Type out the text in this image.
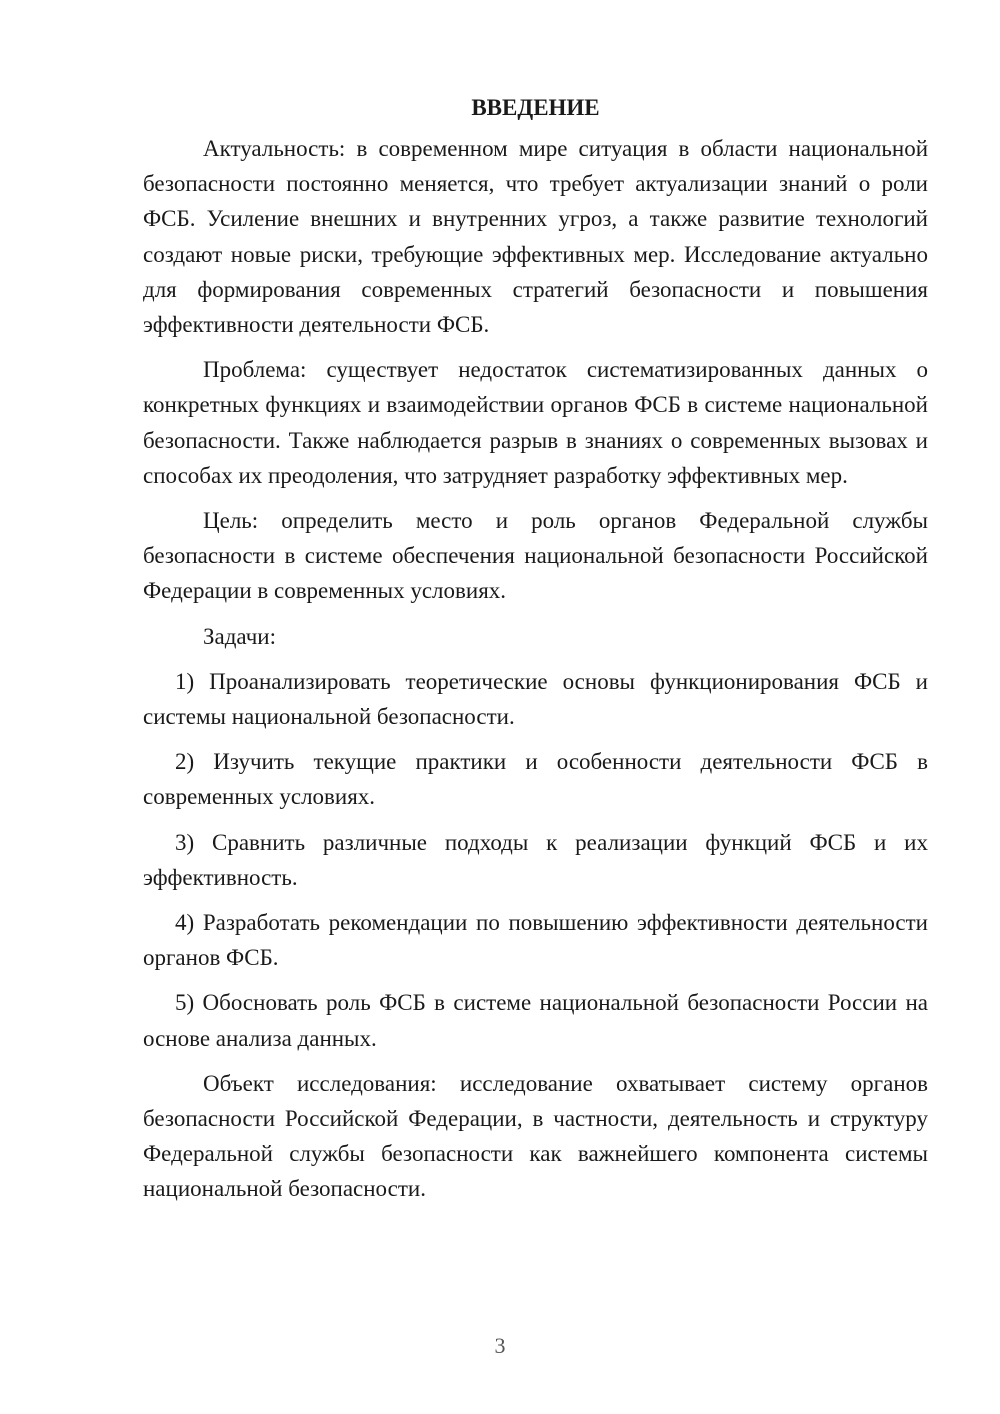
ВВЕДЕНИЕ

Актуальность: в современном мире ситуация в области национальной безопасности постоянно меняется, что требует актуализации знаний о роли ФСБ. Усиление внешних и внутренних угроз, а также развитие технологий создают новые риски, требующие эффективных мер. Исследование актуально для формирования современных стратегий безопасности и повышения эффективности деятельности ФСБ.

Проблема: существует недостаток систематизированных данных о конкретных функциях и взаимодействии органов ФСБ в системе национальной безопасности. Также наблюдается разрыв в знаниях о современных вызовах и способах их преодоления, что затрудняет разработку эффективных мер.

Цель: определить место и роль органов Федеральной службы безопасности в системе обеспечения национальной безопасности Российской Федерации в современных условиях.

Задачи:

1) Проанализировать теоретические основы функционирования ФСБ и системы национальной безопасности.

2) Изучить текущие практики и особенности деятельности ФСБ в современных условиях.

3) Сравнить различные подходы к реализации функций ФСБ и их эффективность.

4) Разработать рекомендации по повышению эффективности деятельности органов ФСБ.

5) Обосновать роль ФСБ в системе национальной безопасности России на основе анализа данных.

Объект исследования: исследование охватывает систему органов безопасности Российской Федерации, в частности, деятельность и структуру Федеральной службы безопасности как важнейшего компонента системы национальной безопасности.

3
